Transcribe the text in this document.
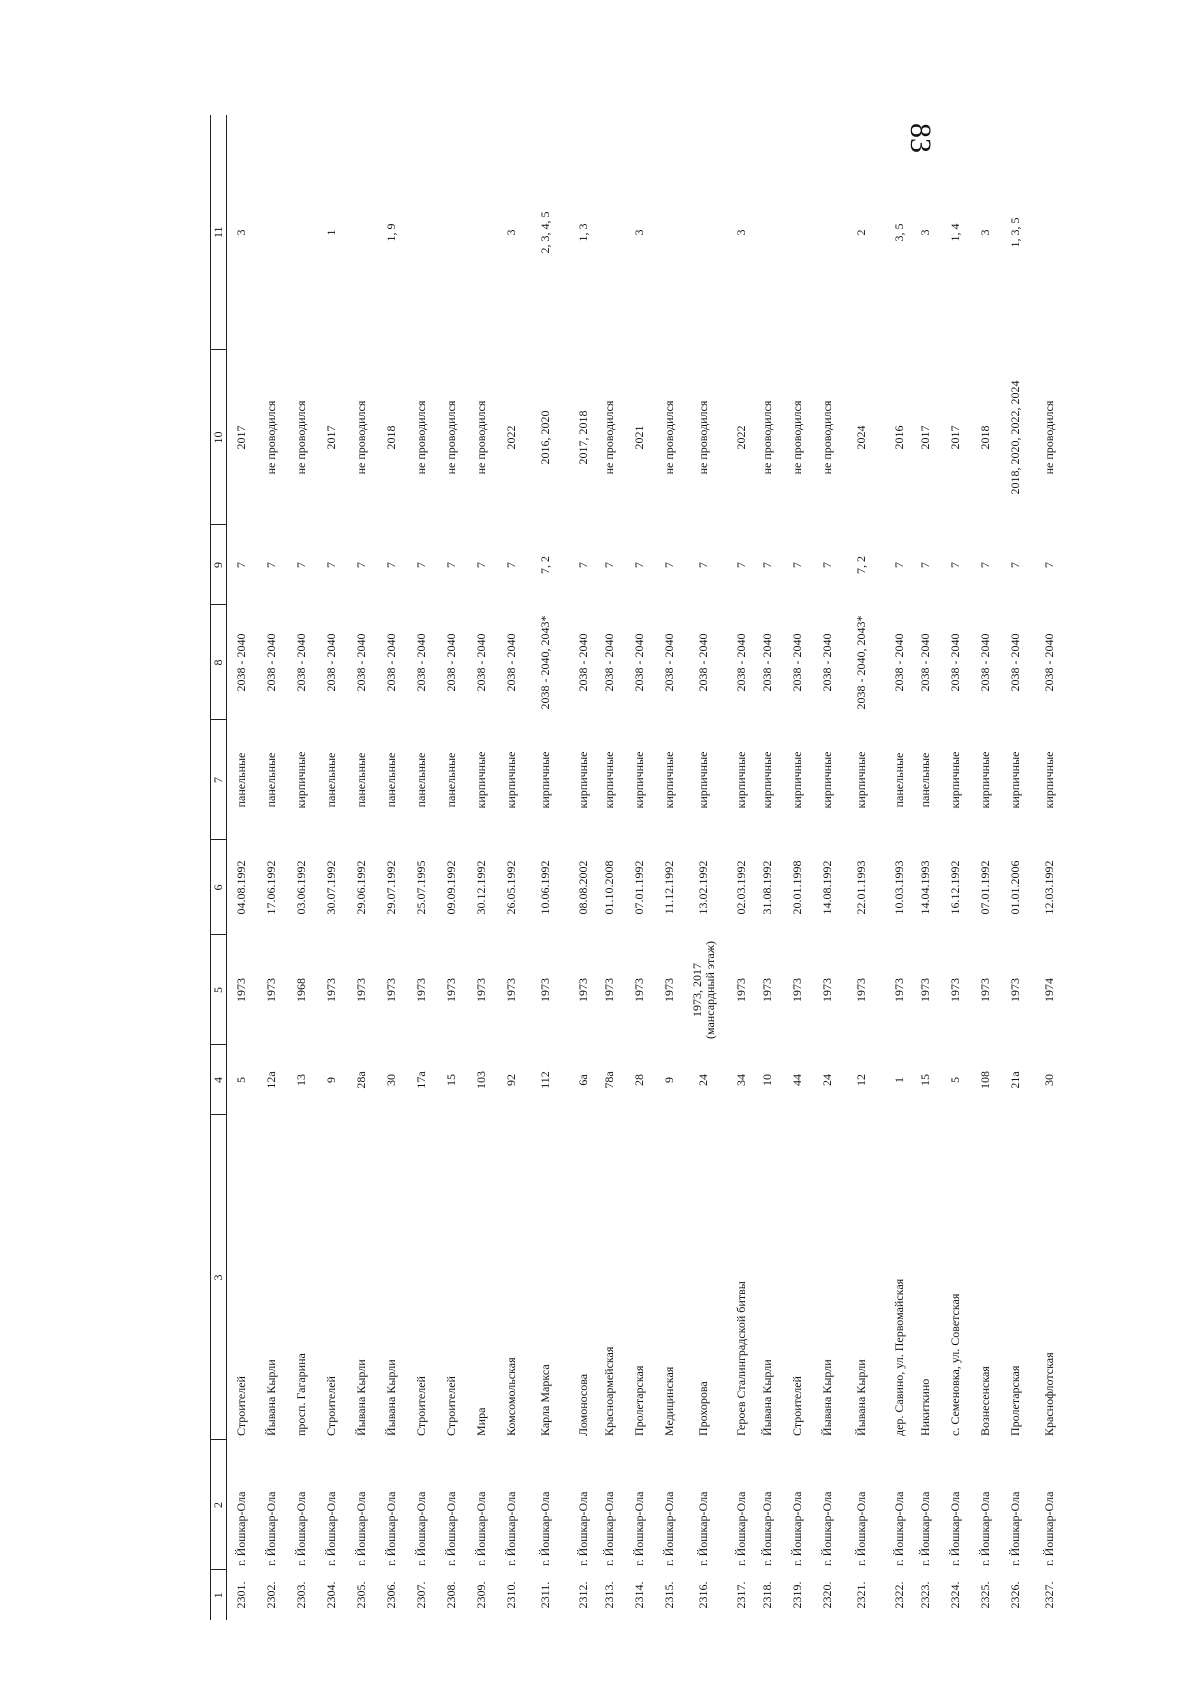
83
1	2	3	4	5	6	7	8	9	10	11
2301.	г. Йошкар-Ола	Строителей	5	1973	04.08.1992	панельные	2038 - 2040	7	2017	3
2302.	г. Йошкар-Ола	Йывана Кырли	12а	1973	17.06.1992	панельные	2038 - 2040	7	не проводился	
2303.	г. Йошкар-Ола	просп. Гагарина	13	1968	03.06.1992	кирпичные	2038 - 2040	7	не проводился	
2304.	г. Йошкар-Ола	Строителей	9	1973	30.07.1992	панельные	2038 - 2040	7	2017	1
2305.	г. Йошкар-Ола	Йывана Кырли	28а	1973	29.06.1992	панельные	2038 - 2040	7	не проводился	
2306.	г. Йошкар-Ола	Йывана Кырли	30	1973	29.07.1992	панельные	2038 - 2040	7	2018	1, 9
2307.	г. Йошкар-Ола	Строителей	17а	1973	25.07.1995	панельные	2038 - 2040	7	не проводился	
2308.	г. Йошкар-Ола	Строителей	15	1973	09.09.1992	панельные	2038 - 2040	7	не проводился	
2309.	г. Йошкар-Ола	Мира	103	1973	30.12.1992	кирпичные	2038 - 2040	7	не проводился	
2310.	г. Йошкар-Ола	Комсомольская	92	1973	26.05.1992	кирпичные	2038 - 2040	7	2022	3
2311.	г. Йошкар-Ола	Карла Маркса	112	1973	10.06.1992	кирпичные	2038 - 2040, 2043*	7, 2	2016, 2020	2, 3, 4, 5
2312.	г. Йошкар-Ола	Ломоносова	6а	1973	08.08.2002	кирпичные	2038 - 2040	7	2017, 2018	1, 3
2313.	г. Йошкар-Ола	Красноармейская	78а	1973	01.10.2008	кирпичные	2038 - 2040	7	не проводился	
2314.	г. Йошкар-Ола	Пролетарская	28	1973	07.01.1992	кирпичные	2038 - 2040	7	2021	3
2315.	г. Йошкар-Ола	Медицинская	9	1973	11.12.1992	кирпичные	2038 - 2040	7	не проводился	
2316.	г. Йошкар-Ола	Прохорова	24	1973, 2017 (мансардный этаж)	13.02.1992	кирпичные	2038 - 2040	7	не проводился	
2317.	г. Йошкар-Ола	Героев Сталинградской битвы	34	1973	02.03.1992	кирпичные	2038 - 2040	7	2022	3
2318.	г. Йошкар-Ола	Йывана Кырли	10	1973	31.08.1992	кирпичные	2038 - 2040	7	не проводился	
2319.	г. Йошкар-Ола	Строителей	44	1973	20.01.1998	кирпичные	2038 - 2040	7	не проводился	
2320.	г. Йошкар-Ола	Йывана Кырли	24	1973	14.08.1992	кирпичные	2038 - 2040	7	не проводился	
2321.	г. Йошкар-Ола	Йывана Кырли	12	1973	22.01.1993	кирпичные	2038 - 2040, 2043*	7, 2	2024	2
2322.	г. Йошкар-Ола	дер. Савино, ул. Первомайская	1	1973	10.03.1993	панельные	2038 - 2040	7	2016	3, 5
2323.	г. Йошкар-Ола	Никиткино	15	1973	14.04.1993	панельные	2038 - 2040	7	2017	3
2324.	г. Йошкар-Ола	с. Семеновка, ул. Советская	5	1973	16.12.1992	кирпичные	2038 - 2040	7	2017	1, 4
2325.	г. Йошкар-Ола	Вознесенская	108	1973	07.01.1992	кирпичные	2038 - 2040	7	2018	3
2326.	г. Йошкар-Ола	Пролетарская	21а	1973	01.01.2006	кирпичные	2038 - 2040	7	2018, 2020, 2022, 2024	1, 3, 5
2327.	г. Йошкар-Ола	Краснофлотская	30	1974	12.03.1992	кирпичные	2038 - 2040	7	не проводился	
